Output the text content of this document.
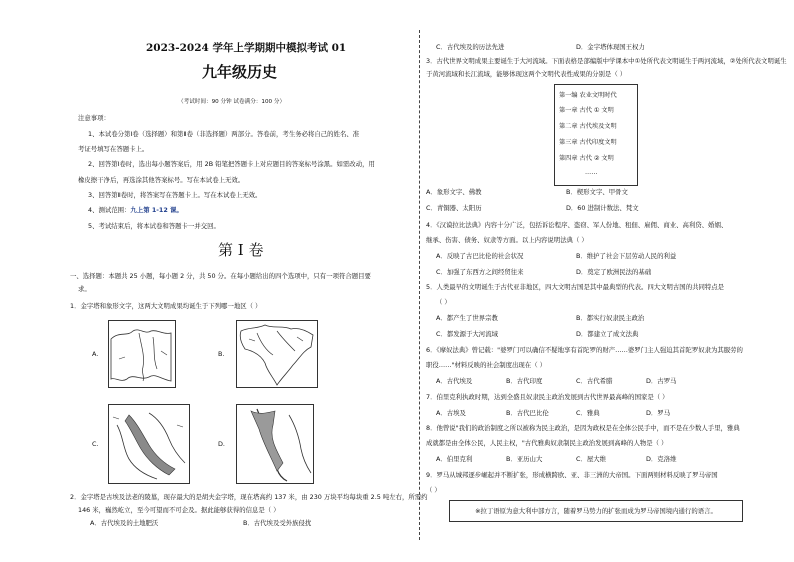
2023-2024 学年上学期期中模拟考试 01
九年级历史
（考试时间：90 分钟 试卷满分：100 分）
注意事项：
1、本试卷分第Ⅰ卷（选择题）和第Ⅱ卷（非选择题）两部分。答卷前，考生务必将自己的姓名、准
考证号填写在答题卡上。
2、回答第Ⅰ卷时，选出每小题答案后，用 2B 铅笔把答题卡上对应题目的答案标号涂黑。如需改动，用
橡皮擦干净后，再选涂其他答案标号。写在本试卷上无效。
3、回答第Ⅱ卷时，将答案写在答题卡上。写在本试卷上无效。
4、测试范围：九上第 1-12 课。
5、考试结束后，将本试卷和答题卡一并交回。
第 I 卷
一、选择题：本题共 25 小题，每小题 2 分，共 50 分。在每小题给出的四个选项中，只有一项符合题目要
求。
1．金字塔和象形文字，这两大文明成果均诞生于下列哪一地区（ ）
A.	B.
C.	D.
2．金字塔是古埃及法老的陵墓，现存最大的是胡夫金字塔，现在塔高约 137 米，由 230 万块平均每块重 2.5 吨左右，所需约
146 米，巍然屹立，至今可望而不可企及。据此能够获得的信息是（ ）
A．古代埃及的土地肥沃	B．古代埃及受外族侵扰
C．古代埃及的历法先进	D．金字塔体现国王权力
3．古代世界文明成果主要诞生于大河流域。下面表格是部编版中学课本中①处所代表文明诞生于两河流域，②处所代表文明诞生
于黄河流域和长江流域，能够体现这两个文明代表性成果的分别是（ ）
第一编 农业文明时代
第一章 古代 ① 文明
第二章 古代埃及文明
第三章 古代印度文明
第四章 古代 ② 文明
……
A．象形文字、佛教	B．楔形文字、甲骨文
C．青铜器、太阳历	D．60 进制计数法、梵文
4．《汉谟拉比法典》内容十分广泛，包括诉讼程序、盗窃、军人份地、租佃、雇佣、商业、高利贷、婚姻、
继承、伤害、债务、奴隶等方面。以上内容说明法典（ ）
A．反映了古巴比伦的社会状况	B．维护了社会下层劳动人民的利益
C．加强了东西方之间经贸往来	D．奠定了欧洲民法的基础
5．人类最早的文明诞生于古代亚非地区，四大文明古国是其中最典型的代表。四大文明古国的共同特点是
（ ）
A．都产生了世界宗教	B．都实行奴隶民主政治
C．都发源于大河流域	D．都建立了成文法典
6．《摩奴法典》曾记载："婆罗门可以确信不疑地享有首陀罗的财产……婆罗门主人强迫其首陀罗奴隶为其服劳的
职役……"材料反映的社会制度出现在（ ）
A．古代埃及	B．古代印度	C．古代希腊	D．古罗马
7．伯里克利执政时期，达到全盛且奴隶民主政治发展到古代世界最高峰的国家是（ ）
A．古埃及	B．古代巴比伦	C．雅典	D．罗马
8．他曾说"我们的政治制度之所以被称为民主政治，是因为政权是在全体公民手中，而不是在少数人手里，雅典
成就都是由全体公民，人民主权，"古代雅典奴隶制民主政治发展到高峰的人物是（ ）
A．伯里克利	B．亚历山大	C．屋大维	D．克洛维
9．罗马从城邦逐步崛起并不断扩张，形成横跨欧、亚、非三洲的大帝国。下面两则材料反映了罗马帝国
（ ）
※拉丁语原为意大利中部方言，随着罗马势力的扩张而成为罗马帝国境内通行的语言。
